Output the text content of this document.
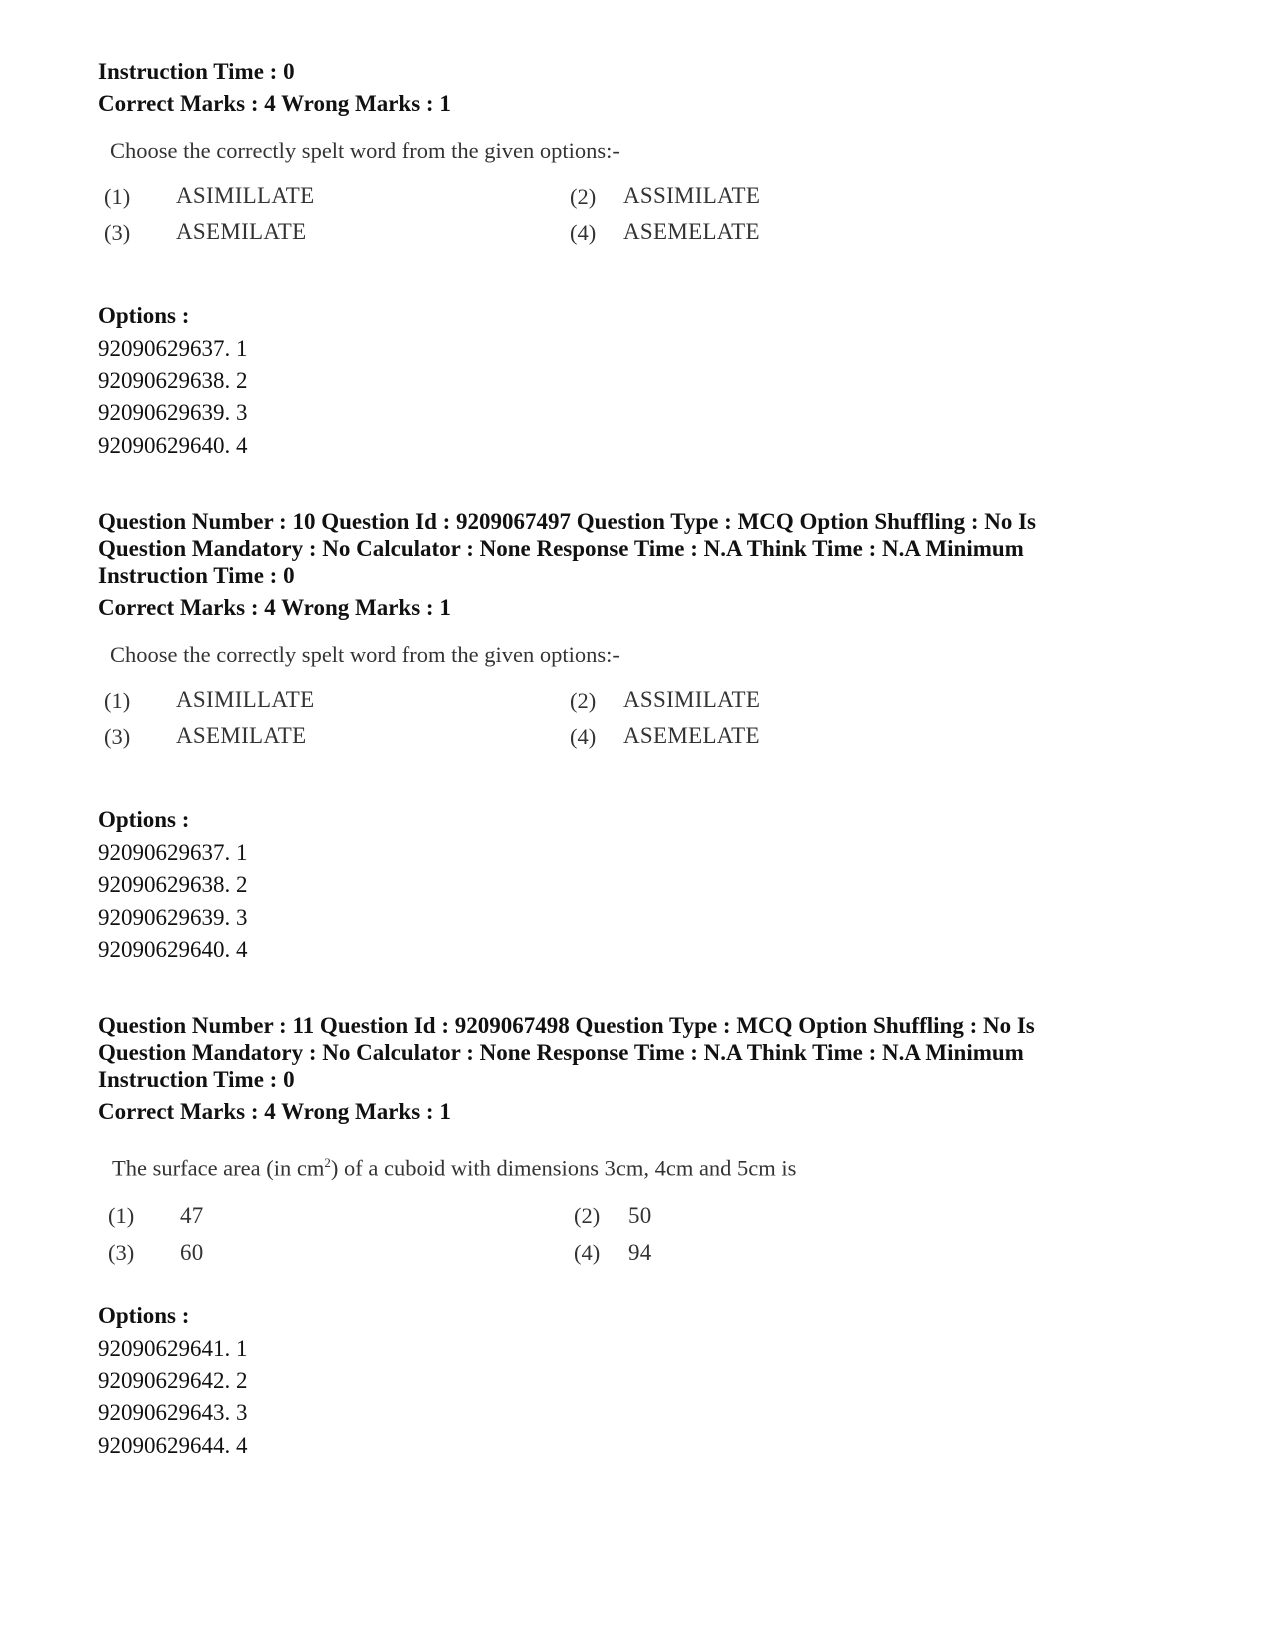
Instruction Time : 0
Correct Marks : 4 Wrong Marks : 1
Choose the correctly spelt word from the given options:-
(1) ASIMILLATE	(2) ASSIMILATE
(3) ASEMILATE	(4) ASEMELATE
Options :
92090629637. 1
92090629638. 2
92090629639. 3
92090629640. 4
Question Number : 10 Question Id : 9209067497 Question Type : MCQ Option Shuffling : No Is
Question Mandatory : No Calculator : None Response Time : N.A Think Time : N.A Minimum
Instruction Time : 0
Correct Marks : 4 Wrong Marks : 1
Choose the correctly spelt word from the given options:-
(1) ASIMILLATE	(2) ASSIMILATE
(3) ASEMILATE	(4) ASEMELATE
Options :
92090629637. 1
92090629638. 2
92090629639. 3
92090629640. 4
Question Number : 11 Question Id : 9209067498 Question Type : MCQ Option Shuffling : No Is
Question Mandatory : No Calculator : None Response Time : N.A Think Time : N.A Minimum
Instruction Time : 0
Correct Marks : 4 Wrong Marks : 1
The surface area (in $cm^2$) of a cuboid with dimensions 3cm, 4cm and 5cm is
(1) 47	(2) 50
(3) 60	(4) 94
Options :
92090629641. 1
92090629642. 2
92090629643. 3
92090629644. 4
